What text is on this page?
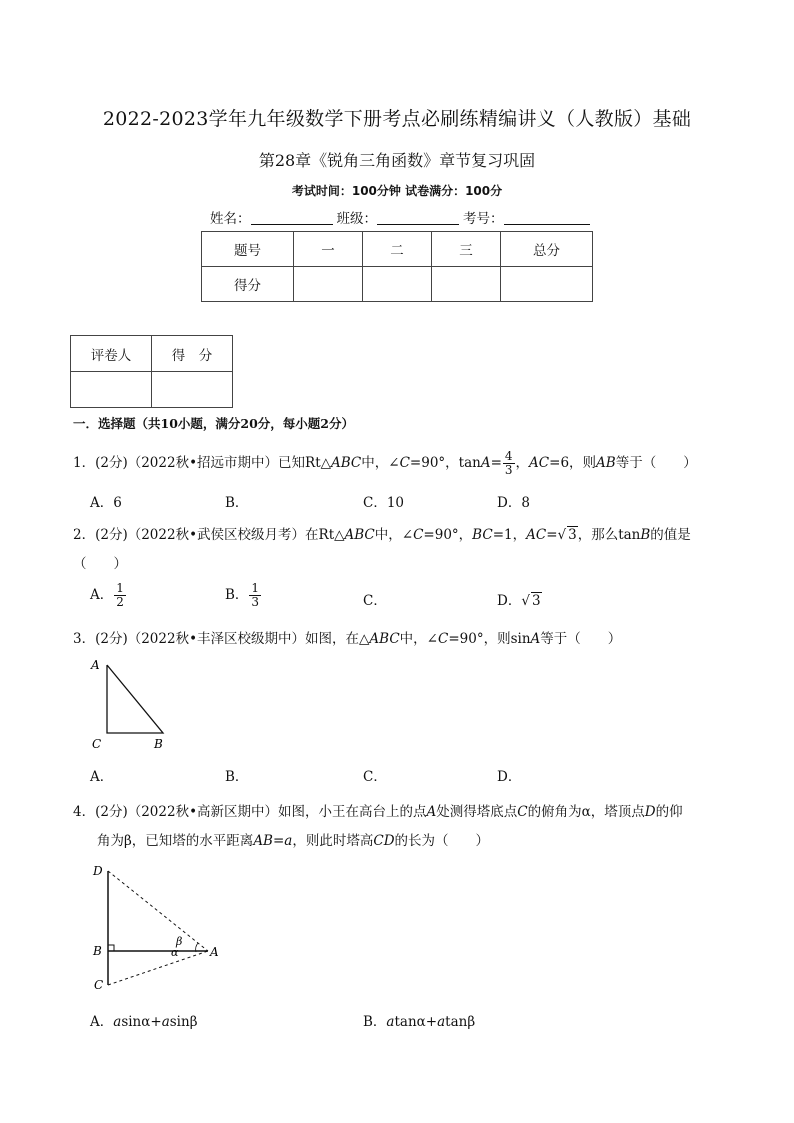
2022-2023学年九年级数学下册考点必刷练精编讲义（人教版）基础
第28章《锐角三角函数》章节复习巩固
考试时间：100分钟 试卷满分：100分
姓名：	班级：	考号：
题号	一	二	三	总分
得分				
评卷人	得　分

一．选择题（共10小题，满分20分，每小题2分）
1．(2分)（2022秋•招远市期中）已知Rt△ABC中，∠C=90°，$\tan A= \frac{4}{3}$ ，AC=6，则AB等于（　　）
A．6	B．	C．10	D．8
2．(2分)（2022秋•武侯区校级月考）在Rt△ABC中，∠C=90°，BC=1，AC=√ 3，那么tanB的值是
（　　）
A． $\frac{1}{2}$	B． $\frac{1}{3}$	C．	D．√ 3
3．(2分)（2022秋•丰泽区校级期中）如图，在△ABC中，∠C=90°，则sinA等于（　　）
A
C	B
A．	B．	C．	D．
4．(2分)（2022秋•高新区期中）如图，小王在高台上的点A处测得塔底点C的俯角为α，塔顶点D的仰
角为β，已知塔的水平距离AB=a，则此时塔高CD的长为（　　）
D
B
C
A
α
β
A．asinα+asinβ	B．atanα+atanβ
